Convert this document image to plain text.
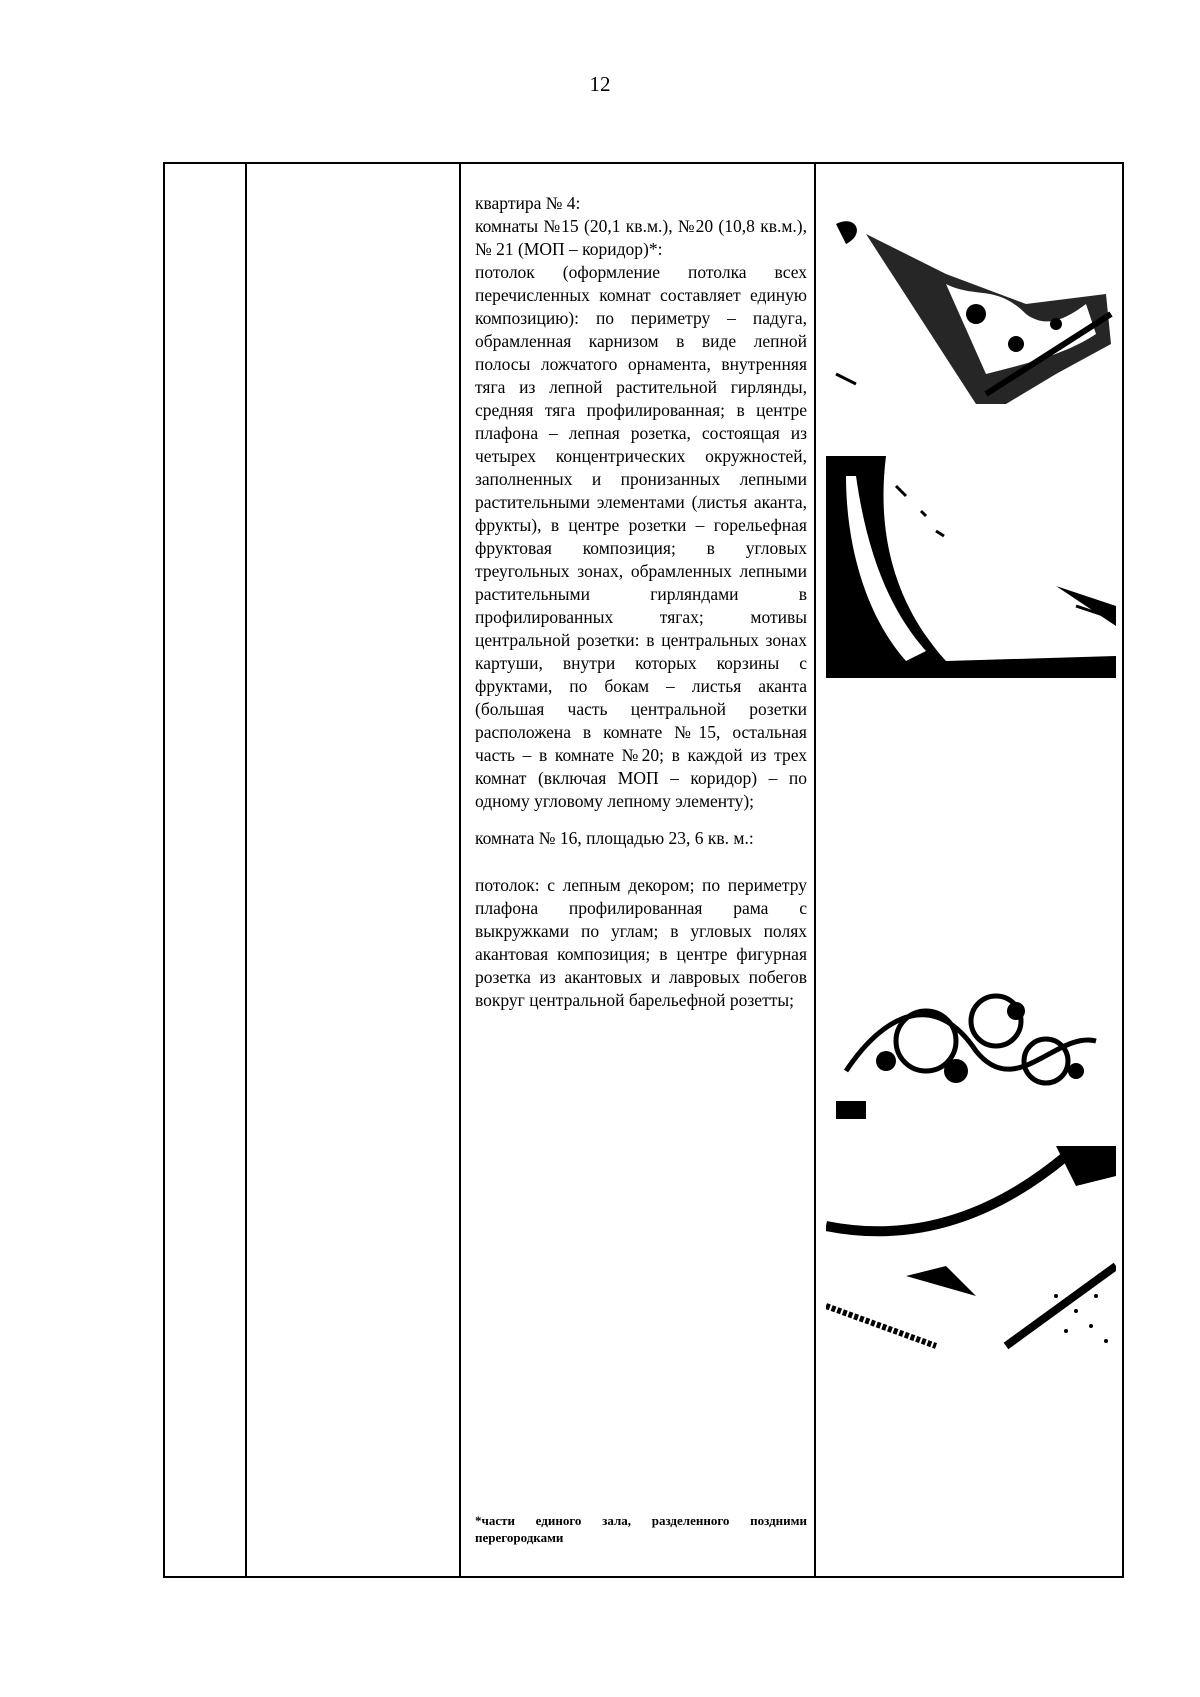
12

квартира № 4:

комнаты №15 (20,1 кв.м.), №20 (10,8 кв.м.), № 21 (МОП – коридор)*:

потолок (оформление потолка всех перечисленных комнат составляет единую композицию): по периметру – падуга, обрамленная карнизом в виде лепной полосы ложчатого орнамента, внутренняя тяга из лепной растительной гирлянды, средняя тяга профилированная; в центре плафона – лепная розетка, состоящая из четырех концентрических окружностей, заполненных и пронизанных лепными растительными элементами (листья аканта, фрукты), в центре розетки – горельефная фруктовая композиция; в угловых треугольных зонах, обрамленных лепными растительными гирляндами в профилированных тягах; мотивы центральной розетки: в центральных зонах картуши, внутри которых корзины с фруктами, по бокам – листья аканта (большая часть центральной розетки расположена в комнате №15, остальная часть – в комнате №20; в каждой из трех комнат (включая МОП – коридор) – по одному угловому лепному элементу);

комната № 16, площадью 23, 6 кв. м.:

потолок: с лепным декором; по периметру плафона профилированная рама с выкружками по углам; в угловых полях акантовая композиция; в центре фигурная розетка из акантовых и лавровых побегов вокруг центральной барельефной розетты;

*части единого зала, разделенного поздними перегородками
